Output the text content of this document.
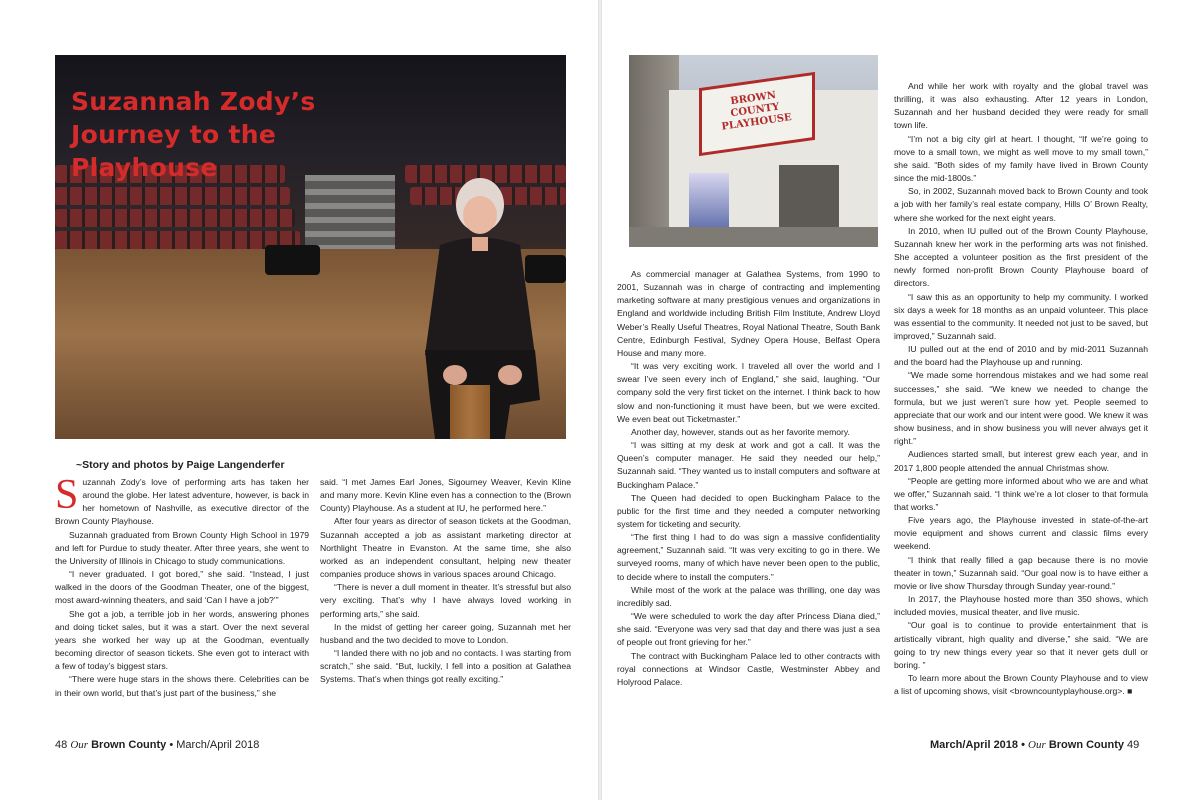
Suzannah Zody’s
Journey to the
Playhouse

~Story and photos by Paige Langenderfer

Suzannah Zody’s love of performing arts has taken her around the globe. Her latest adventure, however, is back in her hometown of Nashville, as executive director of the Brown County Playhouse.

Suzannah graduated from Brown County High School in 1979 and left for Purdue to study theater. After three years, she went to the University of Illinois in Chicago to study communications.

“I never graduated. I got bored,” she said. “Instead, I just walked in the doors of the Goodman Theater, one of the biggest, most award-winning theaters, and said ‘Can I have a job?’”

She got a job, a terrible job in her words, answering phones and doing ticket sales, but it was a start. Over the next several years she worked her way up at the Goodman, eventually becoming director of season tickets. She even got to interact with a few of today’s biggest stars.

“There were huge stars in the shows there. Celebrities can be in their own world, but that’s just part of the business,” she

said. “I met James Earl Jones, Sigourney Weaver, Kevin Kline and many more. Kevin Kline even has a connection to the (Brown County) Playhouse. As a student at IU, he performed here.”

After four years as director of season tickets at the Goodman, Suzannah accepted a job as assistant marketing director at Northlight Theatre in Evanston. At the same time, she also worked as an independent consultant, helping new theater companies produce shows in various spaces around Chicago.

“There is never a dull moment in theater. It’s stressful but also very exciting. That’s why I have always loved working in performing arts,” she said.

In the midst of getting her career going, Suzannah met her husband and the two decided to move to London.

“I landed there with no job and no contacts. I was starting from scratch,” she said. “But, luckily, I fell into a position at Galathea Systems. That’s when things got really exciting.”

48 Our Brown County • March/April 2018

BROWN COUNTY
PLAYHOUSE

As commercial manager at Galathea Systems, from 1990 to 2001, Suzannah was in charge of contracting and implementing marketing software at many prestigious venues and organizations in England and worldwide including British Film Institute, Andrew Lloyd Weber’s Really Useful Theatres, Royal National Theatre, South Bank Centre, Edinburgh Festival, Sydney Opera House, Belfast Opera House and many more.

“It was very exciting work. I traveled all over the world and I swear I’ve seen every inch of England,” she said, laughing. “Our company sold the very first ticket on the internet. I think back to how slow and non-functioning it must have been, but we were excited. We even beat out Ticketmaster.”

Another day, however, stands out as her favorite memory.

“I was sitting at my desk at work and got a call. It was the Queen’s computer manager. He said they needed our help,” Suzannah said. “They wanted us to install computers and software at Buckingham Palace.”

The Queen had decided to open Buckingham Palace to the public for the first time and they needed a computer networking system for ticketing and security.

“The first thing I had to do was sign a massive confidentiality agreement,” Suzannah said. “It was very exciting to go in there. We surveyed rooms, many of which have never been open to the public, to decide where to install the computers.”

While most of the work at the palace was thrilling, one day was incredibly sad.

“We were scheduled to work the day after Princess Diana died,” she said. “Everyone was very sad that day and there was just a sea of people out front grieving for her.”

The contract with Buckingham Palace led to other contracts with royal connections at Windsor Castle, Westminster Abbey and Holyrood Palace.

And while her work with royalty and the global travel was thrilling, it was also exhausting. After 12 years in London, Suzannah and her husband decided they were ready for small town life.

“I’m not a big city girl at heart. I thought, “If we’re going to move to a small town, we might as well move to my small town,” she said. “Both sides of my family have lived in Brown County since the mid-1800s.”

So, in 2002, Suzannah moved back to Brown County and took a job with her family’s real estate company, Hills O’ Brown Realty, where she worked for the next eight years.

In 2010, when IU pulled out of the Brown County Playhouse, Suzannah knew her work in the performing arts was not finished. She accepted a volunteer position as the first president of the newly formed non-profit Brown County Playhouse board of directors.

“I saw this as an opportunity to help my community. I worked six days a week for 18 months as an unpaid volunteer. This place was essential to the community. It needed not just to be saved, but improved,” Suzannah said.

IU pulled out at the end of 2010 and by mid-2011 Suzannah and the board had the Playhouse up and running.

“We made some horrendous mistakes and we had some real successes,” she said. “We knew we needed to change the formula, but we just weren’t sure how yet. People seemed to appreciate that our work and our intent were good. We knew it was show business, and in show business you will never always get it right.”

Audiences started small, but interest grew each year, and in 2017 1,800 people attended the annual Christmas show.

“People are getting more informed about who we are and what we offer,” Suzannah said. “I think we’re a lot closer to that formula that works.”

Five years ago, the Playhouse invested in state-of-the-art movie equipment and shows current and classic films every weekend.

“I think that really filled a gap because there is no movie theater in town,” Suzannah said. “Our goal now is to have either a movie or live show Thursday through Sunday year-round.”

In 2017, the Playhouse hosted more than 350 shows, which included movies, musical theater, and live music.

“Our goal is to continue to provide entertainment that is artistically vibrant, high quality and diverse,” she said. “We are going to try new things every year so that it never gets dull or boring. ”

To learn more about the Brown County Playhouse and to view a list of upcoming shows, visit <browncountyplayhouse.org>. ■

March/April 2018 • Our Brown County 49
